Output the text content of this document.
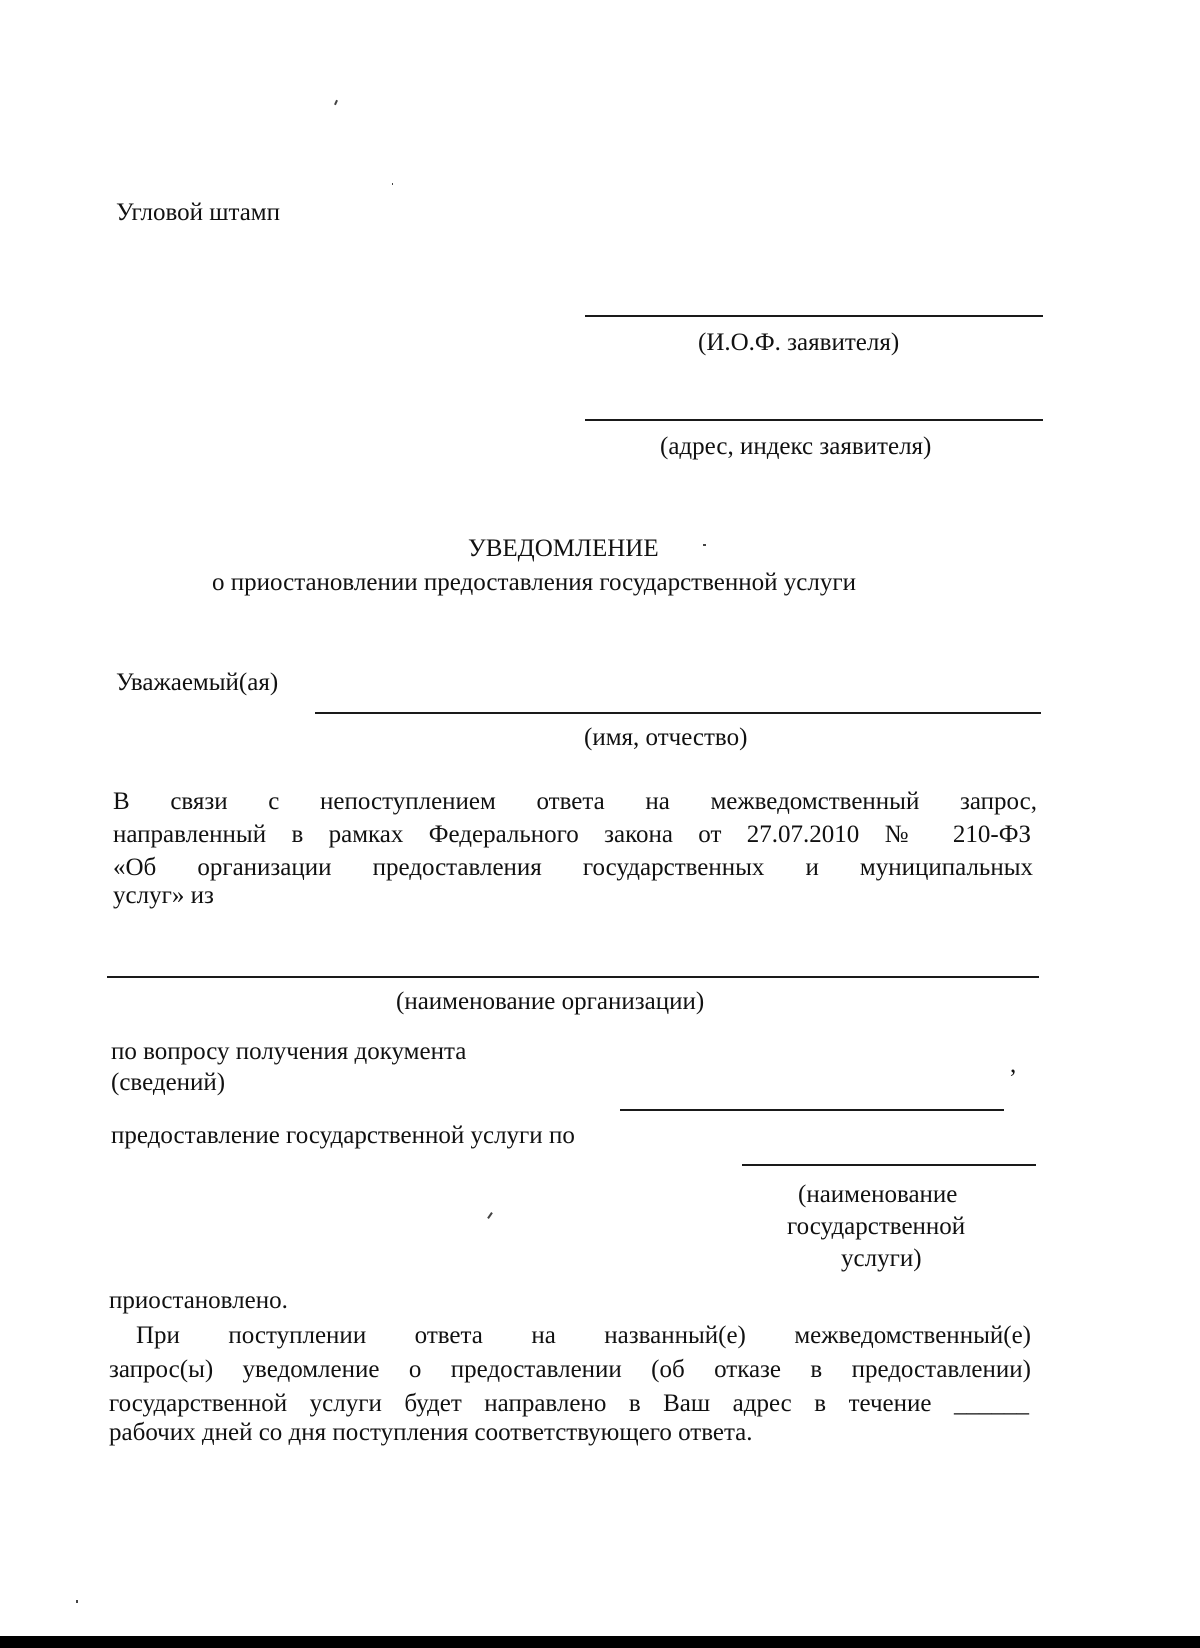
Угловой штамп
(И.О.Ф. заявителя)
(адрес, индекс заявителя)
УВЕДОМЛЕНИЕ
о приостановлении предоставления государственной услуги
Уважаемый(ая)
(имя, отчество)
В связи с непоступлением ответа на межведомственный запрос,
направленный в рамках Федерального закона от 27.07.2010 № 210-ФЗ
«Об организации предоставления государственных и муниципальных
услуг» из
(наименование организации)
по вопросу получения документа
(сведений)
,
предоставление государственной услуги по
(наименование
государственной
услуги)
приостановлено.
При поступлении ответа на названный(е) межведомственный(е)
запрос(ы) уведомление о предоставлении (об отказе в предоставлении)
государственной услуги будет направлено в Ваш адрес в течение ______
рабочих дней со дня поступления соответствующего ответа.
